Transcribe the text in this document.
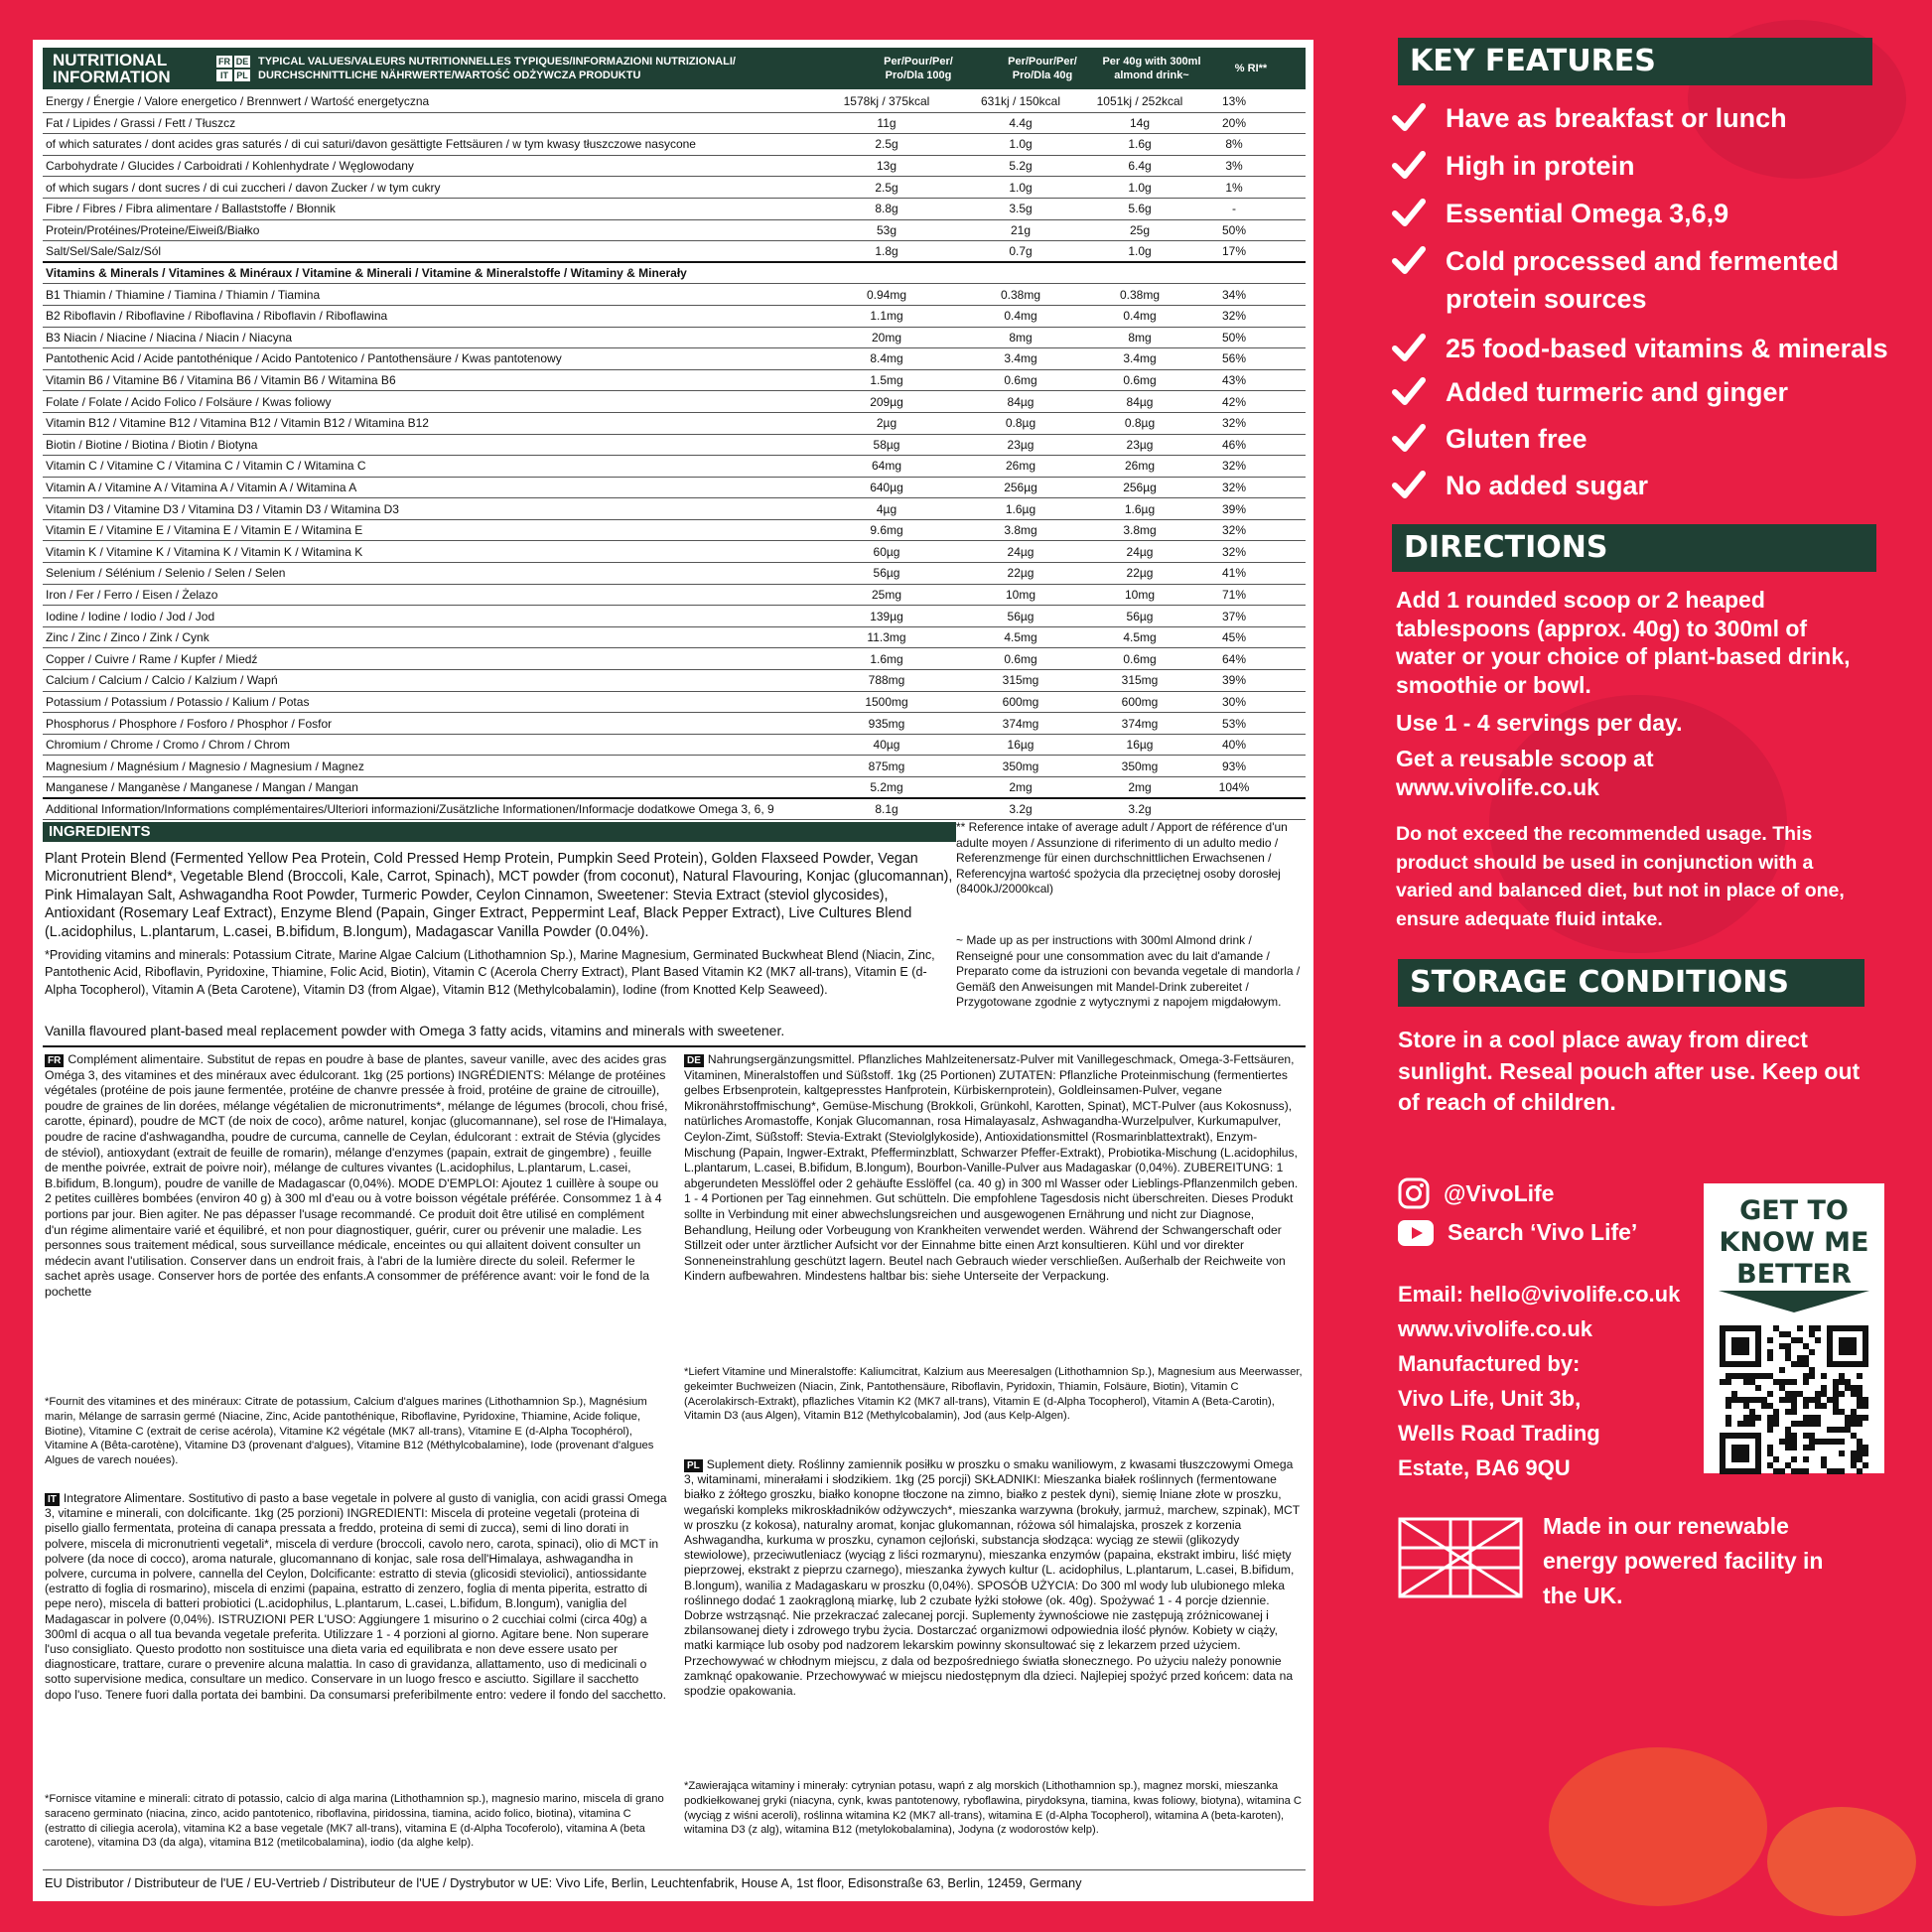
NUTRITIONAL
INFORMATION
FR DE
IT PL
TYPICAL VALUES/VALEURS NUTRITIONNELLES TYPIQUES/INFORMAZIONI NUTRIZIONALI/
DURCHSCHNITTLICHE NÄHRWERTE/WARTOŚĆ ODŻYWCZA PRODUKTU
Per/Pour/Per/ Pro/Dla 100g
Per/Pour/Per/ Pro/Dla 40g
Per 40g with 300ml almond drink~
% RI**
Energy / Énergie / Valore energetico / Brennwert / Wartość energetyczna	1578kj / 375kcal	631kj / 150kcal	1051kj / 252kcal	13%
Fat / Lipides / Grassi / Fett / Tłuszcz	11g	4.4g	14g	20%
of which saturates / dont acides gras saturés / di cui saturi/davon gesättigte Fettsäuren / w tym kwasy tłuszczowe nasycone	2.5g	1.0g	1.6g	8%
Carbohydrate / Glucides / Carboidrati / Kohlenhydrate / Węglowodany	13g	5.2g	6.4g	3%
of which sugars / dont sucres / di cui zuccheri / davon Zucker / w tym cukry	2.5g	1.0g	1.0g	1%
Fibre / Fibres / Fibra alimentare / Ballaststoffe / Błonnik	8.8g	3.5g	5.6g	-
Protein/Protéines/Proteine/Eiweiß/Białko	53g	21g	25g	50%
Salt/Sel/Sale/Salz/Sól	1.8g	0.7g	1.0g	17%
Vitamins & Minerals / Vitamines & Minéraux / Vitamine & Minerali / Vitamine & Mineralstoffe / Witaminy & Minerały
B1 Thiamin / Thiamine / Tiamina / Thiamin / Tiamina	0.94mg	0.38mg	0.38mg	34%
B2 Riboflavin / Riboflavine / Riboflavina / Riboflavin / Riboflawina	1.1mg	0.4mg	0.4mg	32%
B3 Niacin / Niacine / Niacina / Niacin / Niacyna	20mg	8mg	8mg	50%
Pantothenic Acid / Acide pantothénique / Acido Pantotenico / Pantothensäure / Kwas pantotenowy	8.4mg	3.4mg	3.4mg	56%
Vitamin B6 / Vitamine B6 / Vitamina B6 / Vitamin B6 / Witamina B6	1.5mg	0.6mg	0.6mg	43%
Folate / Folate / Acido Folico / Folsäure / Kwas foliowy	209µg	84µg	84µg	42%
Vitamin B12 / Vitamine B12 / Vitamina B12 / Vitamin B12 / Witamina B12	2µg	0.8µg	0.8µg	32%
Biotin / Biotine / Biotina / Biotin / Biotyna	58µg	23µg	23µg	46%
Vitamin C / Vitamine C / Vitamina C / Vitamin C / Witamina C	64mg	26mg	26mg	32%
Vitamin A / Vitamine A / Vitamina A / Vitamin A / Witamina A	640µg	256µg	256µg	32%
Vitamin D3 / Vitamine D3 / Vitamina D3 / Vitamin D3 / Witamina D3	4µg	1.6µg	1.6µg	39%
Vitamin E / Vitamine E / Vitamina E / Vitamin E / Witamina E	9.6mg	3.8mg	3.8mg	32%
Vitamin K / Vitamine K / Vitamina K / Vitamin K / Witamina K	60µg	24µg	24µg	32%
Selenium / Sélénium / Selenio / Selen / Selen	56µg	22µg	22µg	41%
Iron / Fer / Ferro / Eisen / Żelazo	25mg	10mg	10mg	71%
Iodine / Iodine / Iodio / Jod / Jod	139µg	56µg	56µg	37%
Zinc / Zinc / Zinco / Zink / Cynk	11.3mg	4.5mg	4.5mg	45%
Copper / Cuivre / Rame / Kupfer / Miedź	1.6mg	0.6mg	0.6mg	64%
Calcium / Calcium / Calcio / Kalzium / Wapń	788mg	315mg	315mg	39%
Potassium / Potassium / Potassio / Kalium / Potas	1500mg	600mg	600mg	30%
Phosphorus / Phosphore / Fosforo / Phosphor / Fosfor	935mg	374mg	374mg	53%
Chromium / Chrome / Cromo / Chrom / Chrom	40µg	16µg	16µg	40%
Magnesium / Magnésium / Magnesio / Magnesium / Magnez	875mg	350mg	350mg	93%
Manganese / Manganèse / Manganese / Mangan / Mangan	5.2mg	2mg	2mg	104%
Additional Information/Informations complémentaires/Ulteriori informazioni/Zusätzliche Informationen/Informacje dodatkowe Omega 3, 6, 9	8.1g	3.2g	3.2g
INGREDIENTS
Plant Protein Blend (Fermented Yellow Pea Protein, Cold Pressed Hemp Protein, Pumpkin Seed Protein), Golden Flaxseed Powder, Vegan Micronutrient Blend*, Vegetable Blend (Broccoli, Kale, Carrot, Spinach), MCT powder (from coconut), Natural Flavouring, Konjac (glucomannan), Pink Himalayan Salt, Ashwagandha Root Powder, Turmeric Powder, Ceylon Cinnamon, Sweetener: Stevia Extract (steviol glycosides), Antioxidant (Rosemary Leaf Extract), Enzyme Blend (Papain, Ginger Extract, Peppermint Leaf, Black Pepper Extract), Live Cultures Blend (L.acidophilus, L.plantarum, L.casei, B.bifidum, B.longum), Madagascar Vanilla Powder (0.04%).
*Providing vitamins and minerals: Potassium Citrate, Marine Algae Calcium (Lithothamnion Sp.), Marine Magnesium, Germinated Buckwheat Blend (Niacin, Zinc, Pantothenic Acid, Riboflavin, Pyridoxine, Thiamine, Folic Acid, Biotin), Vitamin C (Acerola Cherry Extract), Plant Based Vitamin K2 (MK7 all-trans), Vitamin E (d-Alpha Tocopherol), Vitamin A (Beta Carotene), Vitamin D3 (from Algae), Vitamin B12 (Methylcobalamin), Iodine (from Knotted Kelp Seaweed).
Vanilla flavoured plant-based meal replacement powder with Omega 3 fatty acids, vitamins and minerals with sweetener.
** Reference intake of average adult / Apport de référence d'un adulte moyen / Assunzione di riferimento di un adulto medio / Referenzmenge für einen durchschnittlichen Erwachsenen / Referencyjna wartość spożycia dla przeciętnej osoby dorosłej (8400kJ/2000kcal)
~ Made up as per instructions with 300ml Almond drink / Renseigné pour une consommation avec du lait d'amande / Preparato come da istruzioni con bevanda vegetale di mandorla / Gemäß den Anweisungen mit Mandel-Drink zubereitet / Przygotowane zgodnie z wytycznymi z napojem migdałowym.
FR Complément alimentaire. Substitut de repas en poudre à base de plantes, saveur vanille, avec des acides gras Oméga 3, des vitamines et des minéraux avec édulcorant. 1kg (25 portions) INGRÉDIENTS: Mélange de protéines végétales (protéine de pois jaune fermentée, protéine de chanvre pressée à froid, protéine de graine de citrouille), poudre de graines de lin dorées, mélange végétalien de micronutriments*, mélange de légumes (brocoli, chou frisé, carotte, épinard), poudre de MCT (de noix de coco), arôme naturel, konjac (glucomannane), sel rose de l'Himalaya, poudre de racine d'ashwagandha, poudre de curcuma, cannelle de Ceylan, édulcorant : extrait de Stévia (glycides de stéviol), antioxydant (extrait de feuille de romarin), mélange d'enzymes (papain, extrait de gingembre) , feuille de menthe poivrée, extrait de poivre noir), mélange de cultures vivantes (L.acidophilus, L.plantarum, L.casei, B.bifidum, B.longum), poudre de vanille de Madagascar (0,04%). MODE D'EMPLOI: Ajoutez 1 cuillère à soupe ou 2 petites cuillères bombées (environ 40 g) à 300 ml d'eau ou à votre boisson végétale préférée. Consommez 1 à 4 portions par jour. Bien agiter. Ne pas dépasser l'usage recommandé. Ce produit doit être utilisé en complément d'un régime alimentaire varié et équilibré, et non pour diagnostiquer, guérir, curer ou prévenir une maladie. Les personnes sous traitement médical, sous surveillance médicale, enceintes ou qui allaitent doivent consulter un médecin avant l'utilisation. Conserver dans un endroit frais, à l'abri de la lumière directe du soleil. Refermer le sachet après usage. Conserver hors de portée des enfants.A consommer de préférence avant: voir le fond de la pochette
*Fournit des vitamines et des minéraux: Citrate de potassium, Calcium d'algues marines (Lithothamnion Sp.), Magnésium marin, Mélange de sarrasin germé (Niacine, Zinc, Acide pantothénique, Riboflavine, Pyridoxine, Thiamine, Acide folique, Biotine), Vitamine C (extrait de cerise acérola), Vitamine K2 végétale (MK7 all-trans), Vitamine E (d-Alpha Tocophérol), Vitamine A (Bêta-carotène), Vitamine D3 (provenant d'algues), Vitamine B12 (Méthylcobalamine), Iode (provenant d'algues Algues de varech nouées).
IT Integratore Alimentare. Sostitutivo di pasto a base vegetale in polvere al gusto di vaniglia, con acidi grassi Omega 3, vitamine e minerali, con dolcificante. 1kg (25 porzioni) INGREDIENTI: Miscela di proteine vegetali (proteina di pisello giallo fermentata, proteina di canapa pressata a freddo, proteina di semi di zucca), semi di lino dorati in polvere, miscela di micronutrienti vegetali*, miscela di verdure (broccoli, cavolo nero, carota, spinaci), olio di MCT in polvere (da noce di cocco), aroma naturale, glucomannano di konjac, sale rosa dell'Himalaya, ashwagandha in polvere, curcuma in polvere, cannella del Ceylon, Dolcificante: estratto di stevia (glicosidi steviolici), antiossidante (estratto di foglia di rosmarino), miscela di enzimi (papaina, estratto di zenzero, foglia di menta piperita, estratto di pepe nero), miscela di batteri probiotici (L.acidophilus, L.plantarum, L.casei, L.bifidum, B.longum), vaniglia del Madagascar in polvere (0,04%). ISTRUZIONI PER L'USO: Aggiungere 1 misurino o 2 cucchiai colmi (circa 40g) a 300ml di acqua o all tua bevanda vegetale preferita. Utilizzare 1 - 4 porzioni al giorno. Agitare bene. Non superare l'uso consigliato. Questo prodotto non sostituisce una dieta varia ed equilibrata e non deve essere usato per diagnosticare, trattare, curare o prevenire alcuna malattia. In caso di gravidanza, allattamento, uso di medicinali o sotto supervisione medica, consultare un medico. Conservare in un luogo fresco e asciutto. Sigillare il sacchetto dopo l'uso. Tenere fuori dalla portata dei bambini. Da consumarsi preferibilmente entro: vedere il fondo del sacchetto.
*Fornisce vitamine e minerali: citrato di potassio, calcio di alga marina (Lithothamnion sp.), magnesio marino, miscela di grano saraceno germinato (niacina, zinco, acido pantotenico, riboflavina, piridossina, tiamina, acido folico, biotina), vitamina C (estratto di ciliegia acerola), vitamina K2 a base vegetale (MK7 all-trans), vitamina E (d-Alpha Tocoferolo), vitamina A (beta carotene), vitamina D3 (da alga), vitamina B12 (metilcobalamina), iodio (da alghe kelp).
DE Nahrungsergänzungsmittel. Pflanzliches Mahlzeitenersatz-Pulver mit Vanillegeschmack, Omega-3-Fettsäuren, Vitaminen, Mineralstoffen und Süßstoff. 1kg (25 Portionen) ZUTATEN: Pflanzliche Proteinmischung (fermentiertes gelbes Erbsenprotein, kaltgepresstes Hanfprotein, Kürbiskernprotein), Goldleinsamen-Pulver, vegane Mikronährstoffmischung*, Gemüse-Mischung (Brokkoli, Grünkohl, Karotten, Spinat), MCT-Pulver (aus Kokosnuss), natürliches Aromastoffe, Konjak Glucomannan, rosa Himalayasalz, Ashwagandha-Wurzelpulver, Kurkumapulver, Ceylon-Zimt, Süßstoff: Stevia-Extrakt (Steviolglykoside), Antioxidationsmittel (Rosmarinblattextrakt), Enzym-Mischung (Papain, Ingwer-Extrakt, Pfefferminzblatt, Schwarzer Pfeffer-Extrakt), Probiotika-Mischung (L.acidophilus, L.plantarum, L.casei, B.bifidum, B.longum), Bourbon-Vanille-Pulver aus Madagaskar (0,04%). ZUBEREITUNG: 1 abgerundeten Messlöffel oder 2 gehäufte Esslöffel (ca. 40 g) in 300 ml Wasser oder Lieblings-Pflanzenmilch geben. 1 - 4 Portionen per Tag einnehmen. Gut schütteln. Die empfohlene Tagesdosis nicht überschreiten. Dieses Produkt sollte in Verbindung mit einer abwechslungsreichen und ausgewogenen Ernährung und nicht zur Diagnose, Behandlung, Heilung oder Vorbeugung von Krankheiten verwendet werden. Während der Schwangerschaft oder Stillzeit oder unter ärztlicher Aufsicht vor der Einnahme bitte einen Arzt konsultieren. Kühl und vor direkter Sonneneinstrahlung geschützt lagern. Beutel nach Gebrauch wieder verschließen. Außerhalb der Reichweite von Kindern aufbewahren. Mindestens haltbar bis: siehe Unterseite der Verpackung.
*Liefert Vitamine und Mineralstoffe: Kaliumcitrat, Kalzium aus Meeresalgen (Lithothamnion Sp.), Magnesium aus Meerwasser, gekeimter Buchweizen (Niacin, Zink, Pantothensäure, Riboflavin, Pyridoxin, Thiamin, Folsäure, Biotin), Vitamin C (Acerolakirsch-Extrakt), pflazliches Vitamin K2 (MK7 all-trans), Vitamin E (d-Alpha Tocopherol), Vitamin A (Beta-Carotin), Vitamin D3 (aus Algen), Vitamin B12 (Methylcobalamin), Jod (aus Kelp-Algen).
PL Suplement diety. Roślinny zamiennik posiłku w proszku o smaku waniliowym, z kwasami tłuszczowymi Omega 3, witaminami, minerałami i słodzikiem. 1kg (25 porcji) SKŁADNIKI: Mieszanka białek roślinnych (fermentowane białko z żółtego groszku, białko konopne tłoczone na zimno, białko z pestek dyni), siemię lniane złote w proszku, wegański kompleks mikroskładników odżywczych*, mieszanka warzywna (brokuły, jarmuż, marchew, szpinak), MCT w proszku (z kokosa), naturalny aromat, konjac glukomannan, różowa sól himalajska, proszek z korzenia Ashwagandha, kurkuma w proszku, cynamon cejloński, substancja słodząca: wyciąg ze stewii (glikozydy stewiolowe), przeciwutleniacz (wyciąg z liści rozmarynu), mieszanka enzymów (papaina, ekstrakt imbiru, liść mięty pieprzowej, ekstrakt z pieprzu czarnego), mieszanka żywych kultur (L. acidophilus, L.plantarum, L.casei, B.bifidum, B.longum), wanilia z Madagaskaru w proszku (0,04%). SPOSÓB UŻYCIA: Do 300 ml wody lub ulubionego mleka roślinnego dodać 1 zaokrągloną miarkę, lub 2 czubate łyżki stołowe (ok. 40g). Spożywać 1 - 4 porcje dziennie. Dobrze wstrząsnąć. Nie przekraczać zalecanej porcji. Suplementy żywnościowe nie zastępują zróżnicowanej i zbilansowanej diety i zdrowego trybu życia. Dostarczać organizmowi odpowiednia ilość płynów. Kobiety w ciąży, matki karmiące lub osoby pod nadzorem lekarskim powinny skonsultować się z lekarzem przed użyciem. Przechowywać w chłodnym miejscu, z dala od bezpośredniego światła słonecznego. Po użyciu należy ponownie zamknąć opakowanie. Przechowywać w miejscu niedostępnym dla dzieci. Najlepiej spożyć przed końcem: data na spodzie opakowania.
*Zawierająca witaminy i minerały: cytrynian potasu, wapń z alg morskich (Lithothamnion sp.), magnez morski, mieszanka podkiełkowanej gryki (niacyna, cynk, kwas pantotenowy, ryboflawina, pirydoksyna, tiamina, kwas foliowy, biotyna), witamina C (wyciąg z wiśni aceroli), roślinna witamina K2 (MK7 all-trans), witamina E (d-Alpha Tocopherol), witamina A (beta-karoten), witamina D3 (z alg), witamina B12 (metylokobalamina), Jodyna (z wodorostów kelp).
EU Distributor / Distributeur de l'UE / EU-Vertrieb / Distributeur de l'UE / Dystrybutor w UE: Vivo Life, Berlin, Leuchtenfabrik, House A, 1st floor, Edisonstraße 63, Berlin, 12459, Germany
KEY FEATURES
Have as breakfast or lunch
High in protein
Essential Omega 3,6,9
Cold processed and fermented protein sources
25 food-based vitamins & minerals
Added turmeric and ginger
Gluten free
No added sugar
DIRECTIONS
Add 1 rounded scoop or 2 heaped tablespoons (approx. 40g) to 300ml of water or your choice of plant-based drink, smoothie or bowl.
Use 1 - 4 servings per day.
Get a reusable scoop at www.vivolife.co.uk
Do not exceed the recommended usage. This product should be used in conjunction with a varied and balanced diet, but not in place of one, ensure adequate fluid intake.
STORAGE CONDITIONS
Store in a cool place away from direct sunlight. Reseal pouch after use. Keep out of reach of children.
@VivoLife
Search ‘Vivo Life’
Email: hello@vivolife.co.uk
www.vivolife.co.uk
Manufactured by:
Vivo Life, Unit 3b,
Wells Road Trading
Estate, BA6 9QU
GET TO KNOW ME BETTER

Made in our renewable energy powered facility in the UK.
